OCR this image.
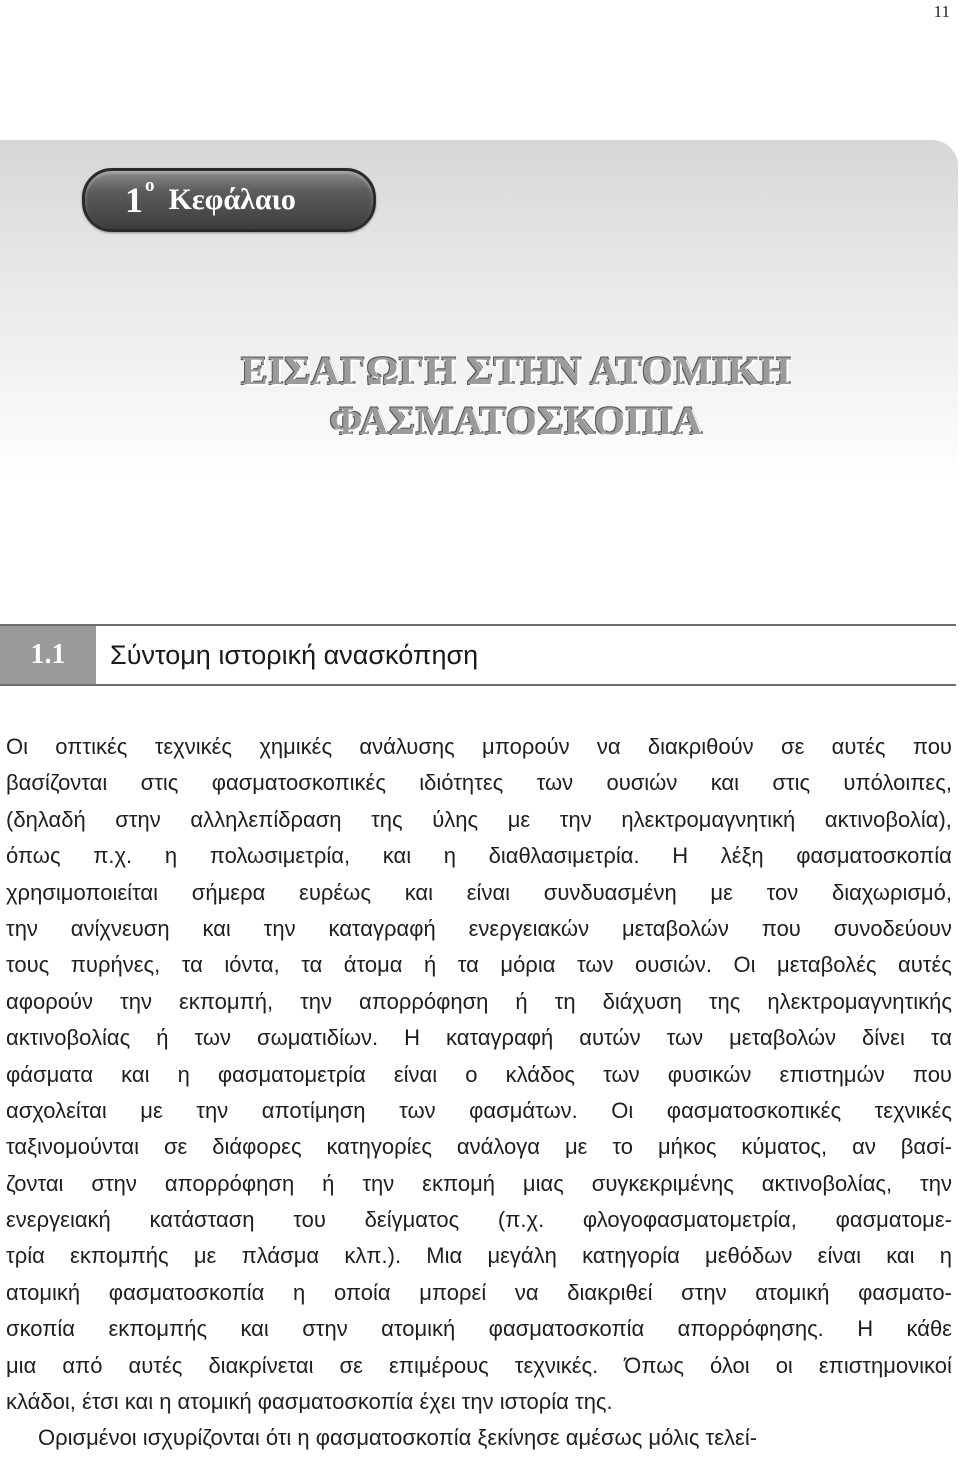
11
1 ο Κεφάλαιο
ΕΙΣΑΓΩΓΗ ΣΤΗΝ ΑΤΟΜΙΚΗ
ΦΑΣΜΑΤΟΣΚΟΠΙΑ
1.1 Σύντομη ιστορική ανασκόπηση
Οι οπτικές τεχνικές χημικές ανάλυσης μπορούν να διακριθούν σε αυτές που
βασίζονται στις φασματοσκοπικές ιδιότητες των ουσιών και στις υπόλοιπες,
(δηλαδή στην αλληλεπίδραση της ύλης με την ηλεκτρομαγνητική ακτινοβολία),
όπως π.χ. η πολωσιμετρία, και η διαθλασιμετρία. Η λέξη φασματοσκοπία
χρησιμοποιείται σήμερα ευρέως και είναι συνδυασμένη με τον διαχωρισμό,
την ανίχνευση και την καταγραφή ενεργειακών μεταβολών που συνοδεύουν
τους πυρήνες, τα ιόντα, τα άτομα ή τα μόρια των ουσιών. Οι μεταβολές αυτές
αφορούν την εκπομπή, την απορρόφηση ή τη διάχυση της ηλεκτρομαγνητικής
ακτινοβολίας ή των σωματιδίων. Η καταγραφή αυτών των μεταβολών δίνει τα
φάσματα και η φασματομετρία είναι ο κλάδος των φυσικών επιστημών που
ασχολείται με την αποτίμηση των φασμάτων. Οι φασματοσκοπικές τεχνικές
ταξινομούνται σε διάφορες κατηγορίες ανάλογα με το μήκος κύματος, αν βασί-
ζονται στην απορρόφηση ή την εκπομή μιας συγκεκριμένης ακτινοβολίας, την
ενεργειακή κατάσταση του δείγματος (π.χ. φλογοφασματομετρία, φασματομε-
τρία εκπομπής με πλάσμα κλπ.). Μια μεγάλη κατηγορία μεθόδων είναι και η
ατομική φασματοσκοπία η οποία μπορεί να διακριθεί στην ατομική φασματο-
σκοπία εκπομπής και στην ατομική φασματοσκοπία απορρόφησης. Η κάθε
μια από αυτές διακρίνεται σε επιμέρους τεχνικές. Όπως όλοι οι επιστημονικοί
κλάδοι, έτσι και η ατομική φασματοσκοπία έχει την ιστορία της.
Ορισμένοι ισχυρίζονται ότι η φασματοσκοπία ξεκίνησε αμέσως μόλις τελεί-
